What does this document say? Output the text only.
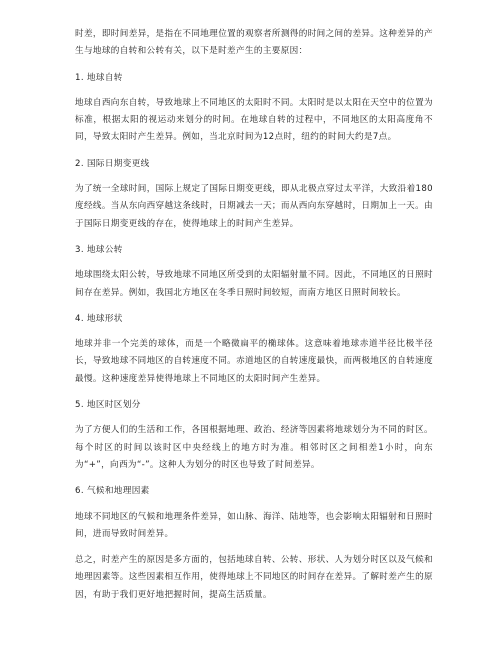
时差，即时间差异，是指在不同地理位置的观察者所测得的时间之间的差异。这种差异的产生与地球的自转和公转有关，以下是时差产生的主要原因：

1. 地球自转

地球自西向东自转，导致地球上不同地区的太阳时不同。太阳时是以太阳在天空中的位置为标准，根据太阳的视运动来划分的时间。在地球自转的过程中，不同地区的太阳高度角不同，导致太阳时产生差异。例如，当北京时间为12点时，纽约的时间大约是7点。

2. 国际日期变更线

为了统一全球时间，国际上规定了国际日期变更线，即从北极点穿过太平洋，大致沿着180度经线。当从东向西穿越这条线时，日期减去一天；而从西向东穿越时，日期加上一天。由于国际日期变更线的存在，使得地球上的时间产生差异。

3. 地球公转

地球围绕太阳公转，导致地球不同地区所受到的太阳辐射量不同。因此，不同地区的日照时间存在差异。例如，我国北方地区在冬季日照时间较短，而南方地区日照时间较长。

4. 地球形状

地球并非一个完美的球体，而是一个略微扁平的椭球体。这意味着地球赤道半径比极半径长，导致地球不同地区的自转速度不同。赤道地区的自转速度最快，而两极地区的自转速度最慢。这种速度差异使得地球上不同地区的太阳时间产生差异。

5. 地区时区划分

为了方便人们的生活和工作，各国根据地理、政治、经济等因素将地球划分为不同的时区。每个时区的时间以该时区中央经线上的地方时为准。相邻时区之间相差1小时，向东为“+”，向西为“-”。这种人为划分的时区也导致了时间差异。

6. 气候和地理因素

地球不同地区的气候和地理条件差异，如山脉、海洋、陆地等，也会影响太阳辐射和日照时间，进而导致时间差异。

总之，时差产生的原因是多方面的，包括地球自转、公转、形状、人为划分时区以及气候和地理因素等。这些因素相互作用，使得地球上不同地区的时间存在差异。了解时差产生的原因，有助于我们更好地把握时间，提高生活质量。
